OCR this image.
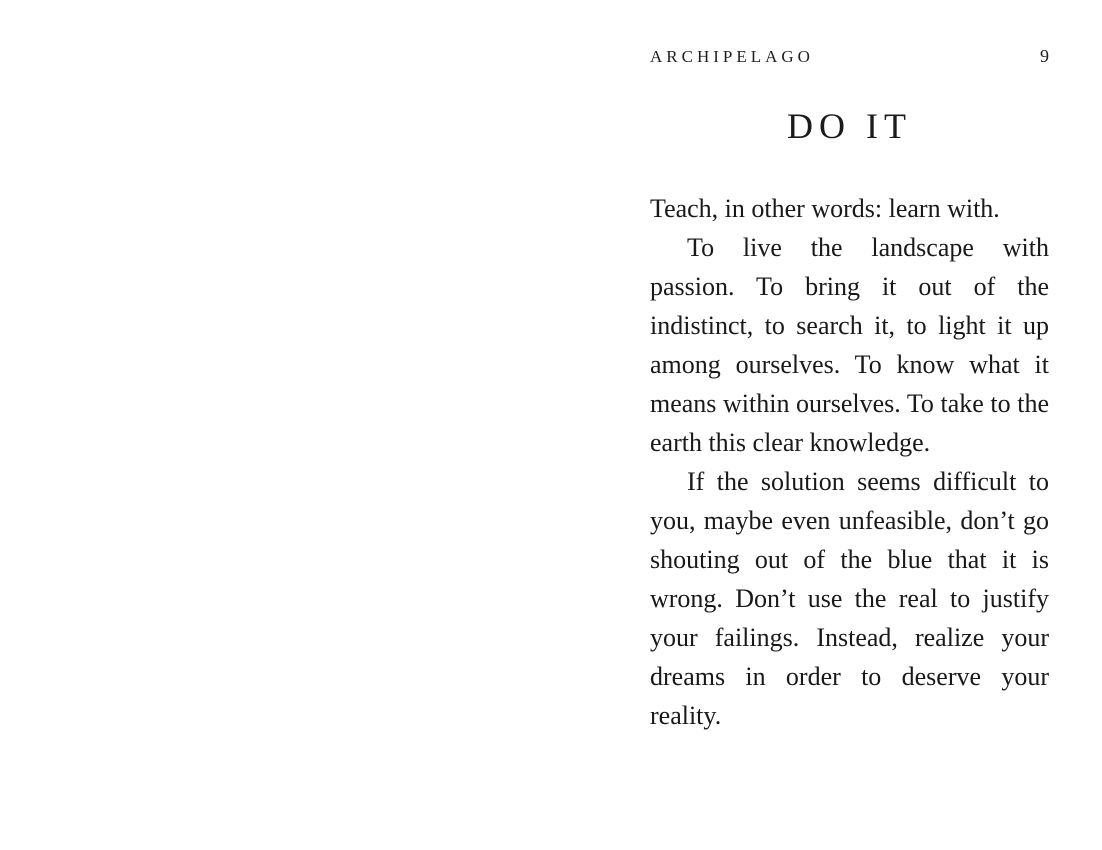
ARCHIPELAGO	9
DO IT

Teach, in other words: learn with.

To live the landscape with passion. To bring it out of the indistinct, to search it, to light it up among ourselves. To know what it means within ourselves. To take to the earth this clear knowledge.

If the solution seems difficult to you, maybe even unfeasible, don’t go shouting out of the blue that it is wrong. Don’t use the real to justify your failings. Instead, realize your dreams in order to deserve your reality.
